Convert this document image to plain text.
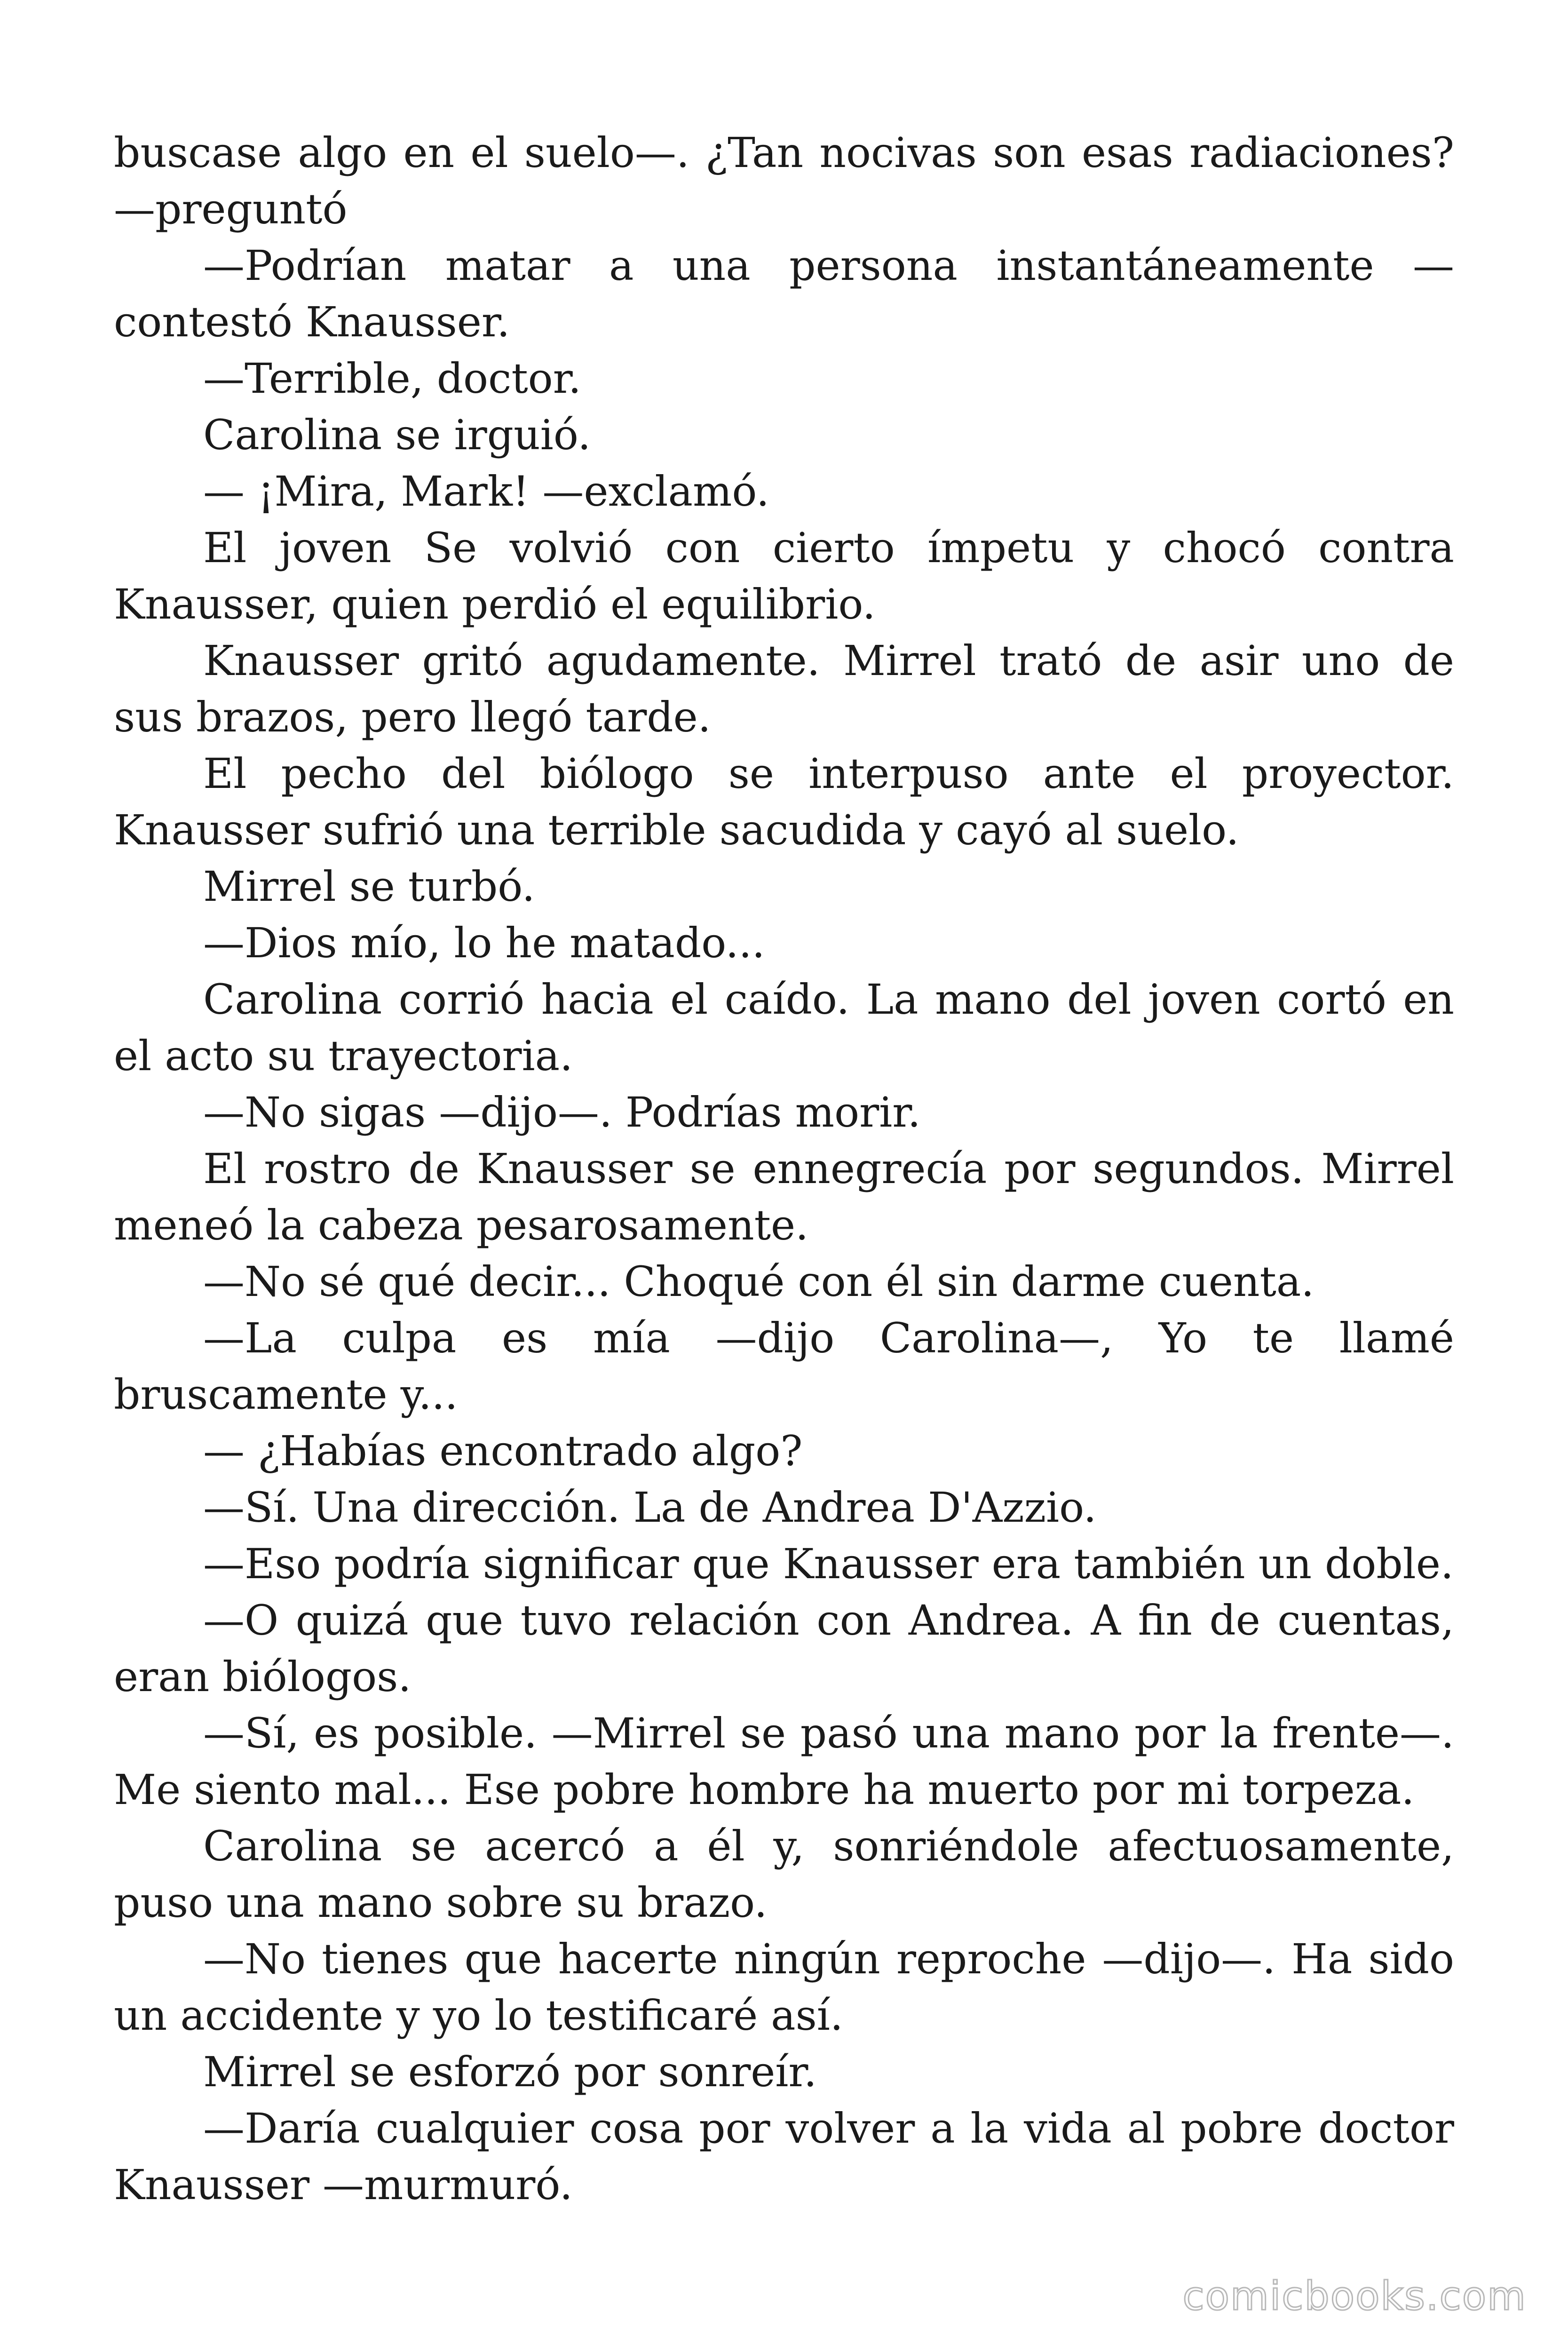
buscase algo en el suelo—. ¿Tan nocivas son esas radiaciones? —preguntó

—Podrían matar a una persona instantáneamente — contestó Knausser.

—Terrible, doctor.

Carolina se irguió.

— ¡Mira, Mark! —exclamó.

El joven Se volvió con cierto ímpetu y chocó contra Knausser, quien perdió el equilibrio.

Knausser gritó agudamente. Mirrel trató de asir uno de sus brazos, pero llegó tarde.

El pecho del biólogo se interpuso ante el proyector. Knausser sufrió una terrible sacudida y cayó al suelo.

Mirrel se turbó.

—Dios mío, lo he matado...

Carolina corrió hacia el caído. La mano del joven cortó en el acto su trayectoria.

—No sigas —dijo—. Podrías morir.

El rostro de Knausser se ennegrecía por segundos. Mirrel meneó la cabeza pesarosamente.

—No sé qué decir... Choqué con él sin darme cuenta.

—La culpa es mía —dijo Carolina—, Yo te llamé bruscamente y...

— ¿Habías encontrado algo?

—Sí. Una dirección. La de Andrea D'Azzio.

—Eso podría significar que Knausser era también un doble.

—O quizá que tuvo relación con Andrea. A fin de cuentas, eran biólogos.

—Sí, es posible. —Mirrel se pasó una mano por la frente—. Me siento mal... Ese pobre hombre ha muerto por mi torpeza.

Carolina se acercó a él y, sonriéndole afectuosamente, puso una mano sobre su brazo.

—No tienes que hacerte ningún reproche —dijo—. Ha sido un accidente y yo lo testificaré así.

Mirrel se esforzó por sonreír.

—Daría cualquier cosa por volver a la vida al pobre doctor Knausser —murmuró.

comicbooks.com
